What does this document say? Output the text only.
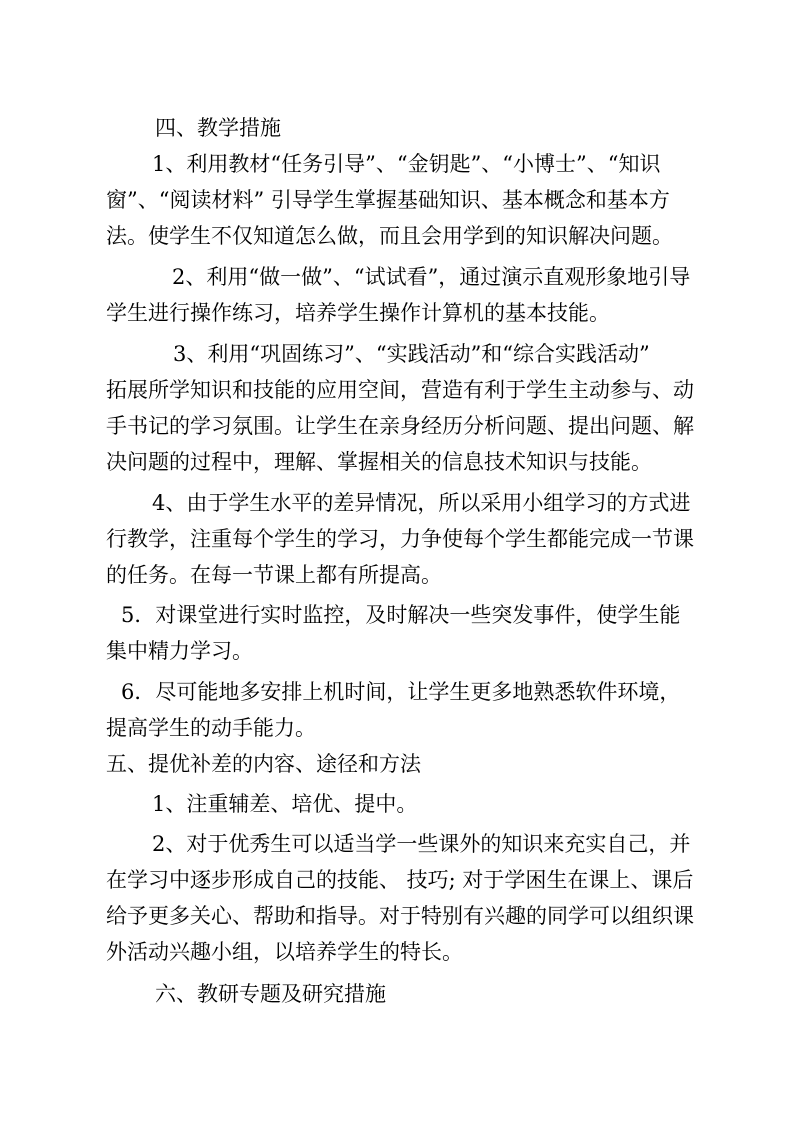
四、教学措施
1、利用教材“任务引导”、“金钥匙”、“小博士”、“知识
窗”、“阅读材料” 引导学生掌握基础知识、基本概念和基本方
法。使学生不仅知道怎么做，而且会用学到的知识解决问题。
2、利用“做一做”、“试试看”，通过演示直观形象地引导
学生进行操作练习，培养学生操作计算机的基本技能。
3、利用“巩固练习”、“实践活动”和“综合实践活动”
拓展所学知识和技能的应用空间，营造有利于学生主动参与、动
手书记的学习氛围。让学生在亲身经历分析问题、提出问题、解
决问题的过程中，理解、掌握相关的信息技术知识与技能。
4、由于学生水平的差异情况，所以采用小组学习的方式进
行教学，注重每个学生的学习，力争使每个学生都能完成一节课
的任务。在每一节课上都有所提高。
5．对课堂进行实时监控，及时解决一些突发事件，使学生能
集中精力学习。
6．尽可能地多安排上机时间，让学生更多地熟悉软件环境，
提高学生的动手能力。
五、提优补差的内容、途径和方法
1、注重辅差、培优、提中。
2、对于优秀生可以适当学一些课外的知识来充实自己，并
在学习中逐步形成自己的技能、 技巧; 对于学困生在课上、课后
给予更多关心、帮助和指导。对于特别有兴趣的同学可以组织课
外活动兴趣小组，以培养学生的特长。
六、教研专题及研究措施
